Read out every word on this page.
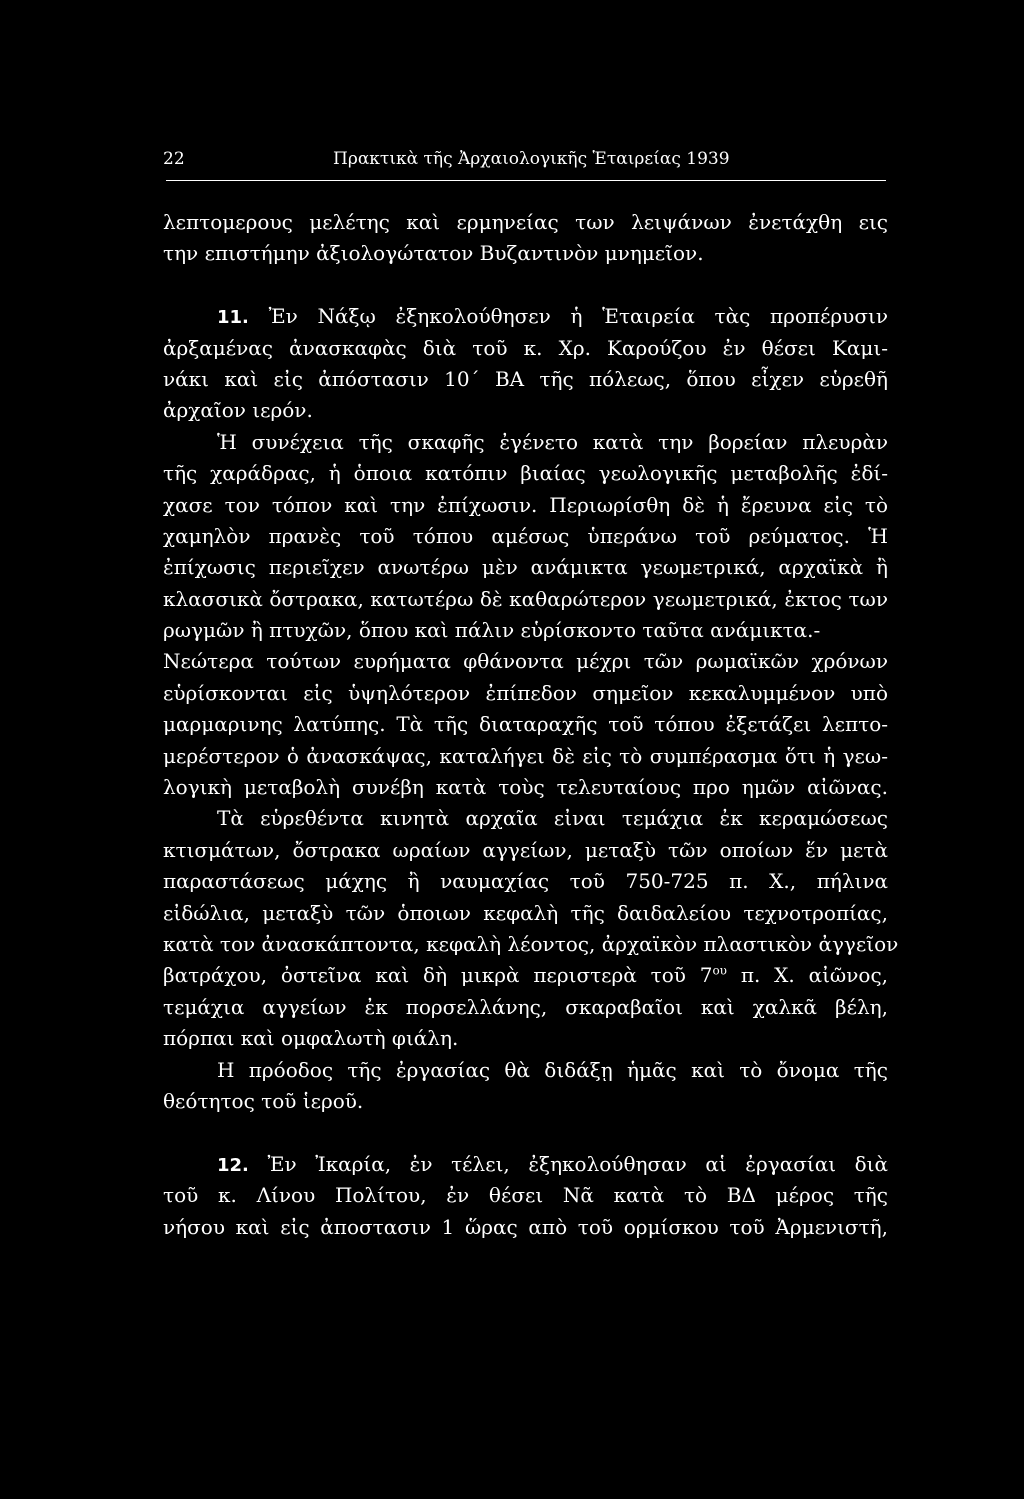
22	Πρακτικὰ τῆς Ἀρχαιολογικῆς Ἑταιρείας 1939
λεπτομερους μελέτης καὶ ερμηνείας των λειψάνων ἐνετάχθη εις
την επιστήμην ἀξιολογώτατον Βυζαντινὸν μνημεῖον.
11. Ἐν Νάξῳ ἐξηκολούθησεν ἡ Ἑταιρεία τὰς προπέρυσιν
ἀρξαμένας ἀνασκαφὰς διὰ τοῦ κ. Χρ. Καρούζου ἐν θέσει Καμι-
νάκι καὶ εἰς ἀπόστασιν 10΄ ΒΑ τῆς πόλεως, ὅπου εἶχεν εὑρεθῆ
ἀρχαῖον ιερόν.
Ἡ συνέχεια τῆς σκαφῆς ἐγένετο κατὰ την βορείαν πλευρὰν
τῆς χαράδρας, ἡ ὁποια κατόπιν βιαίας γεωλογικῆς μεταβολῆς ἐδί-
χασε τον τόπον καὶ την ἐπίχωσιν. Περιωρίσθη δὲ ἡ ἔρευνα εἰς τὸ
χαμηλὸν πρανὲς τοῦ τόπου αμέσως ὑπεράνω τοῦ ρεύματος. Ἡ
ἐπίχωσις περιεῖχεν ανωτέρω μὲν ανάμικτα γεωμετρικά, αρχαϊκὰ ἢ
κλασσικὰ ὄστρακα, κατωτέρω δὲ καθαρώτερον γεωμετρικά, ἐκτος των
ρωγμῶν ἢ πτυχῶν, ὅπου καὶ πάλιν εὑρίσκοντο ταῦτα ανάμικτα.-
Νεώτερα τούτων ευρήματα φθάνοντα μέχρι τῶν ρωμαϊκῶν χρόνων
εὑρίσκονται εἰς ὑψηλότερον ἐπίπεδον σημεῖον κεκαλυμμένον υπὸ
μαρμαρινης λατύπης. Τὰ τῆς διαταραχῆς τοῦ τόπου ἐξετάζει λεπτο-
μερέστερον ὁ ἀνασκάψας, καταλήγει δὲ εἰς τὸ συμπέρασμα ὅτι ἡ γεω-
λογικὴ μεταβολὴ συνέβη κατὰ τοὺς τελευταίους προ ημῶν αἰῶνας.
Τὰ εὑρεθέντα κινητὰ αρχαῖα εἰναι τεμάχια ἐκ κεραμώσεως
κτισμάτων, ὄστρακα ωραίων αγγείων, μεταξὺ τῶν οποίων ἕν μετὰ
παραστάσεως μάχης ἢ ναυμαχίας τοῦ 750-725 π. Χ., πήλινα
εἰδώλια, μεταξὺ τῶν ὁποιων κεφαλὴ τῆς δαιδαλείου τεχνοτροπίας,
κατὰ τον ἀνασκάπτοντα, κεφαλὴ λέοντος, ἀρχαϊκὸν πλαστικὸν ἀγγεῖον
βατράχου, ὀστεῖνα καὶ δὴ μικρὰ περιστερὰ τοῦ $7^{o\upsilon}$ π. Χ. αἰῶνος,
τεμάχια αγγείων ἐκ πορσελλάνης, σκαραβαῖοι καὶ χαλκᾶ βέλη,
πόρπαι καὶ ομφαλωτὴ φιάλη.
Η πρόοδος τῆς ἐργασίας θὰ διδάξῃ ἡμᾶς καὶ τὸ ὄνομα τῆς
θεότητος τοῦ ἱεροῦ.
12. Ἐν Ἰκαρία, ἐν τέλει, ἐξηκολούθησαν αἱ ἐργασίαι διὰ
τοῦ κ. Λίνου Πολίτου, ἐν θέσει Νᾶ κατὰ τὸ ΒΔ μέρος τῆς
νήσου καὶ εἰς ἀποστασιν 1 ὥρας απὸ τοῦ ορμίσκου τοῦ Ἀρμενιστῆ,
